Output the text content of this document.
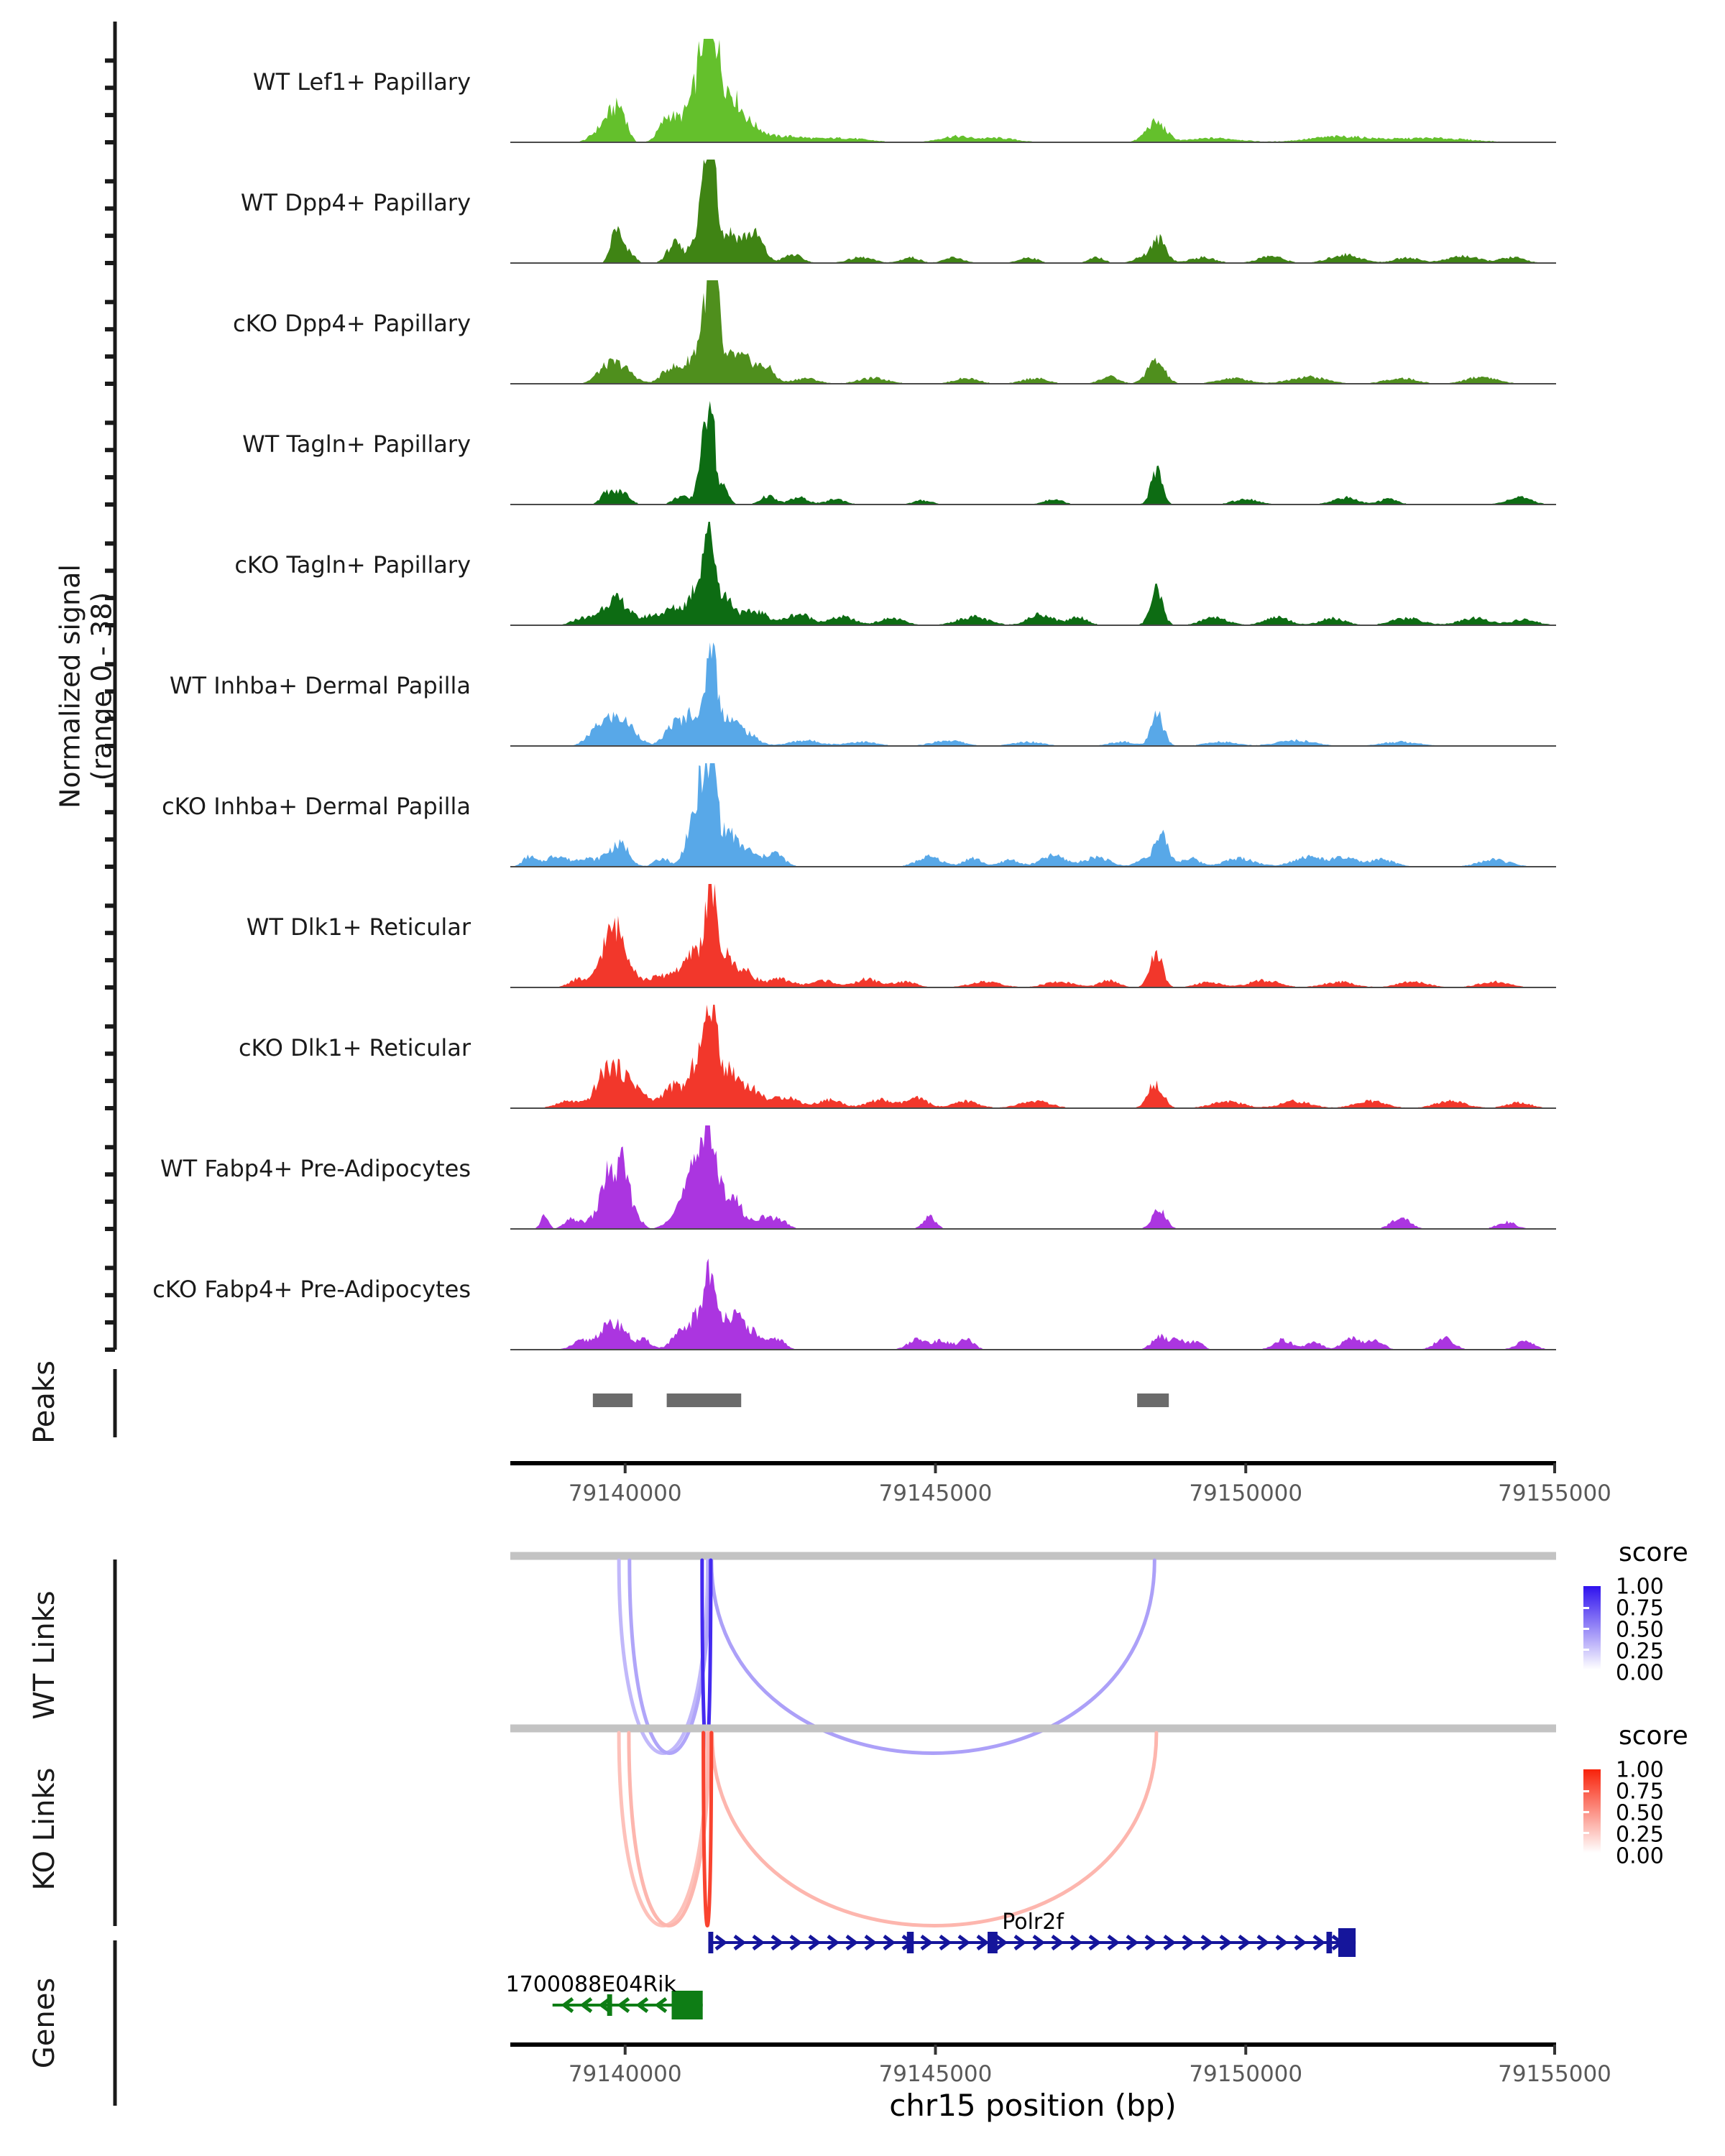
Normalized signal (range 0 - 38)
WT Lef1+ Papillary
WT Dpp4+ Papillary
cKO Dpp4+ Papillary
WT Tagln+ Papillary
cKO Tagln+ Papillary
WT Inhba+ Dermal Papilla
cKO Inhba+ Dermal Papilla
WT Dlk1+ Reticular
cKO Dlk1+ Reticular
WT Fabp4+ Pre-Adipocytes
cKO Fabp4+ Pre-Adipocytes
Peaks
WT Links
KO Links
Genes
79140000	79145000	79150000	79155000
79140000	79145000	79150000	79155000
chr15 position (bp)
Polr2f
1700088E04Rik
score
1.00
0.75
0.50
0.25
0.00
score
1.00
0.75
0.50
0.25
0.00
